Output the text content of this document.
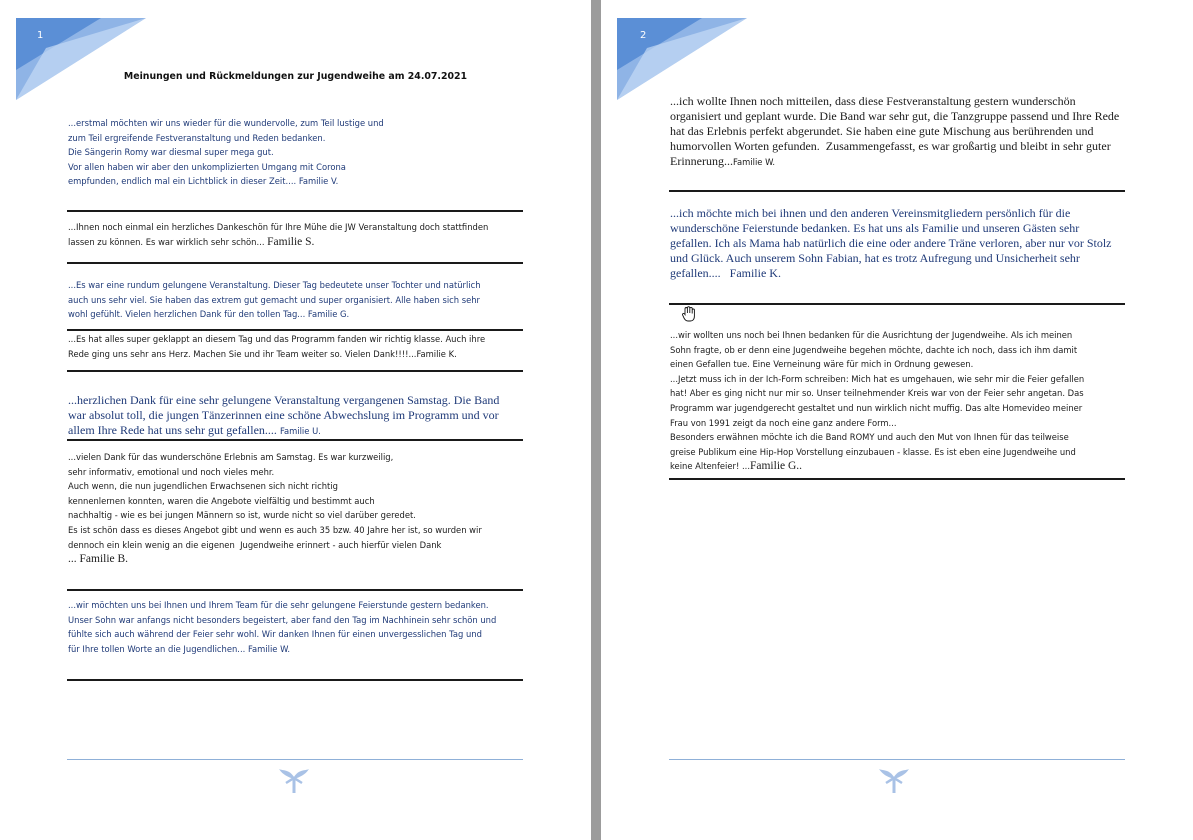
1
Meinungen und Rückmeldungen zur Jugendweihe am 24.07.2021
...erstmal möchten wir uns wieder für die wundervolle, zum Teil lustige und
zum Teil ergreifende Festveranstaltung und Reden bedanken.
Die Sängerin Romy war diesmal super mega gut.
Vor allen haben wir aber den unkomplizierten Umgang mit Corona
empfunden, endlich mal ein Lichtblick in dieser Zeit.... Familie V.
...Ihnen noch einmal ein herzliches Dankeschön für Ihre Mühe die JW Veranstaltung doch stattfinden
lassen zu können. Es war wirklich sehr schön... Familie S.
...Es war eine rundum gelungene Veranstaltung. Dieser Tag bedeutete unser Tochter und natürlich
auch uns sehr viel. Sie haben das extrem gut gemacht und super organisiert. Alle haben sich sehr
wohl gefühlt. Vielen herzlichen Dank für den tollen Tag... Familie G.
...Es hat alles super geklappt an diesem Tag und das Programm fanden wir richtig klasse. Auch ihre
Rede ging uns sehr ans Herz. Machen Sie und ihr Team weiter so. Vielen Dank!!!!...Familie K.
...herzlichen Dank für eine sehr gelungene Veranstaltung vergangenen Samstag. Die Band
war absolut toll, die jungen Tänzerinnen eine schöne Abwechslung im Programm und vor
allem Ihre Rede hat uns sehr gut gefallen.... Familie U.
...vielen Dank für das wunderschöne Erlebnis am Samstag. Es war kurzweilig,
sehr informativ, emotional und noch vieles mehr.
Auch wenn, die nun jugendlichen Erwachsenen sich nicht richtig
kennenlernen konnten, waren die Angebote vielfältig und bestimmt auch
nachhaltig - wie es bei jungen Männern so ist, wurde nicht so viel darüber geredet.
Es ist schön dass es dieses Angebot gibt und wenn es auch 35 bzw. 40 Jahre her ist, so wurden wir
dennoch ein klein wenig an die eigenen  Jugendweihe erinnert - auch hierfür vielen Dank
... Familie B.
...wir möchten uns bei Ihnen und Ihrem Team für die sehr gelungene Feierstunde gestern bedanken.
Unser Sohn war anfangs nicht besonders begeistert, aber fand den Tag im Nachhinein sehr schön und
fühlte sich auch während der Feier sehr wohl. Wir danken Ihnen für einen unvergesslichen Tag und
für Ihre tollen Worte an die Jugendlichen... Familie W.
2
...ich wollte Ihnen noch mitteilen, dass diese Festveranstaltung gestern wunderschön
organisiert und geplant wurde. Die Band war sehr gut, die Tanzgruppe passend und Ihre Rede
hat das Erlebnis perfekt abgerundet. Sie haben eine gute Mischung aus berührenden und
humorvollen Worten gefunden.  Zusammengefasst, es war großartig und bleibt in sehr guter
Erinnerung...Familie W.
...ich möchte mich bei ihnen und den anderen Vereinsmitgliedern persönlich für die
wunderschöne Feierstunde bedanken. Es hat uns als Familie und unseren Gästen sehr
gefallen. Ich als Mama hab natürlich die eine oder andere Träne verloren, aber nur vor Stolz
und Glück. Auch unserem Sohn Fabian, hat es trotz Aufregung und Unsicherheit sehr
gefallen....   Familie K.
...wir wollten uns noch bei Ihnen bedanken für die Ausrichtung der Jugendweihe. Als ich meinen
Sohn fragte, ob er denn eine Jugendweihe begehen möchte, dachte ich noch, dass ich ihm damit
einen Gefallen tue. Eine Verneinung wäre für mich in Ordnung gewesen.
...Jetzt muss ich in der Ich-Form schreiben: Mich hat es umgehauen, wie sehr mir die Feier gefallen
hat! Aber es ging nicht nur mir so. Unser teilnehmender Kreis war von der Feier sehr angetan. Das
Programm war jugendgerecht gestaltet und nun wirklich nicht muffig. Das alte Homevideo meiner
Frau von 1991 zeigt da noch eine ganz andere Form...
Besonders erwähnen möchte ich die Band ROMY und auch den Mut von Ihnen für das teilweise
greise Publikum eine Hip-Hop Vorstellung einzubauen - klasse. Es ist eben eine Jugendweihe und
keine Altenfeier! ...Familie G..
